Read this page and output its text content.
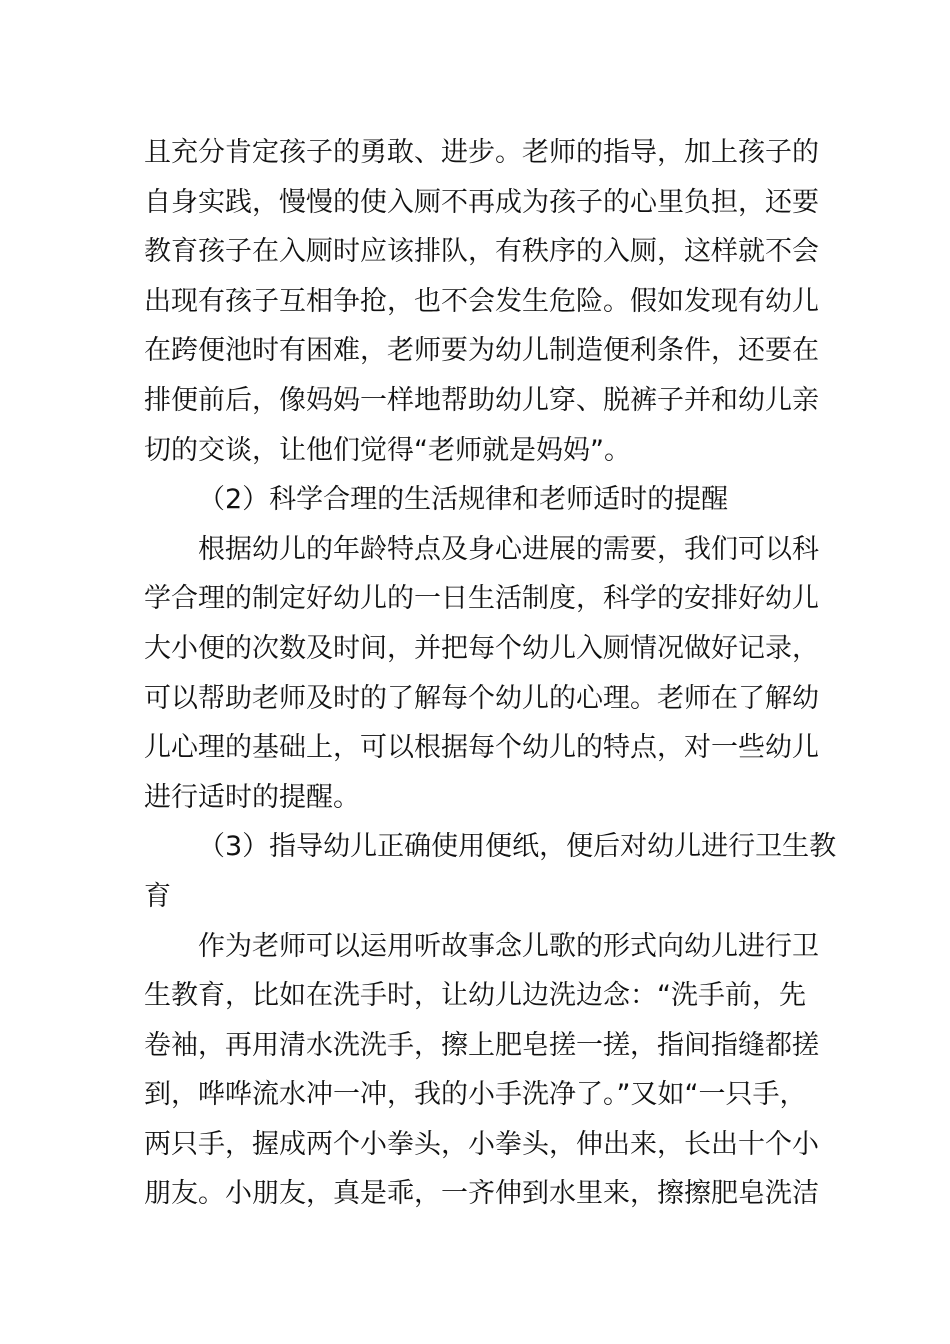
且充分肯定孩子的勇敢、进步。老师的指导，加上孩子的
自身实践，慢慢的使入厕不再成为孩子的心里负担，还要
教育孩子在入厕时应该排队，有秩序的入厕，这样就不会
出现有孩子互相争抢，也不会发生危险。假如发现有幼儿
在跨便池时有困难，老师要为幼儿制造便利条件，还要在
排便前后，像妈妈一样地帮助幼儿穿、脱裤子并和幼儿亲
切的交谈，让他们觉得“老师就是妈妈”。
（2）科学合理的生活规律和老师适时的提醒
根据幼儿的年龄特点及身心进展的需要，我们可以科
学合理的制定好幼儿的一日生活制度，科学的安排好幼儿
大小便的次数及时间，并把每个幼儿入厕情况做好记录，
可以帮助老师及时的了解每个幼儿的心理。老师在了解幼
儿心理的基础上，可以根据每个幼儿的特点，对一些幼儿
进行适时的提醒。
（3）指导幼儿正确使用便纸，便后对幼儿进行卫生教
育
作为老师可以运用听故事念儿歌的形式向幼儿进行卫
生教育，比如在洗手时，让幼儿边洗边念：“洗手前，先
卷袖，再用清水洗洗手，擦上肥皂搓一搓，指间指缝都搓
到，哗哗流水冲一冲，我的小手洗净了。”又如“一只手，
两只手，握成两个小拳头，小拳头，伸出来，长出十个小
朋友。小朋友，真是乖，一齐伸到水里来，擦擦肥皂洗洁
